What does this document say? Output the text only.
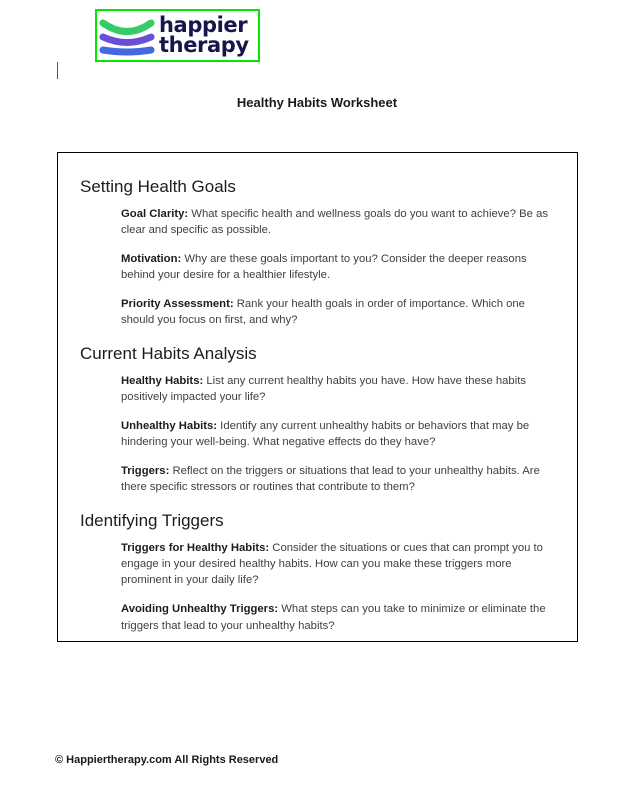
happier
therapy
Healthy Habits Worksheet
Setting Health Goals

Goal Clarity: What specific health and wellness goals do you want to achieve? Be as clear and specific as possible.

Motivation: Why are these goals important to you? Consider the deeper reasons behind your desire for a healthier lifestyle.

Priority Assessment: Rank your health goals in order of importance. Which one should you focus on first, and why?

Current Habits Analysis

Healthy Habits: List any current healthy habits you have. How have these habits positively impacted your life?

Unhealthy Habits: Identify any current unhealthy habits or behaviors that may be hindering your well-being. What negative effects do they have?

Triggers: Reflect on the triggers or situations that lead to your unhealthy habits. Are there specific stressors or routines that contribute to them?

Identifying Triggers

Triggers for Healthy Habits: Consider the situations or cues that can prompt you to engage in your desired healthy habits. How can you make these triggers more prominent in your daily life?

Avoiding Unhealthy Triggers: What steps can you take to minimize or eliminate the triggers that lead to your unhealthy habits?

© Happiertherapy.com All Rights Reserved
